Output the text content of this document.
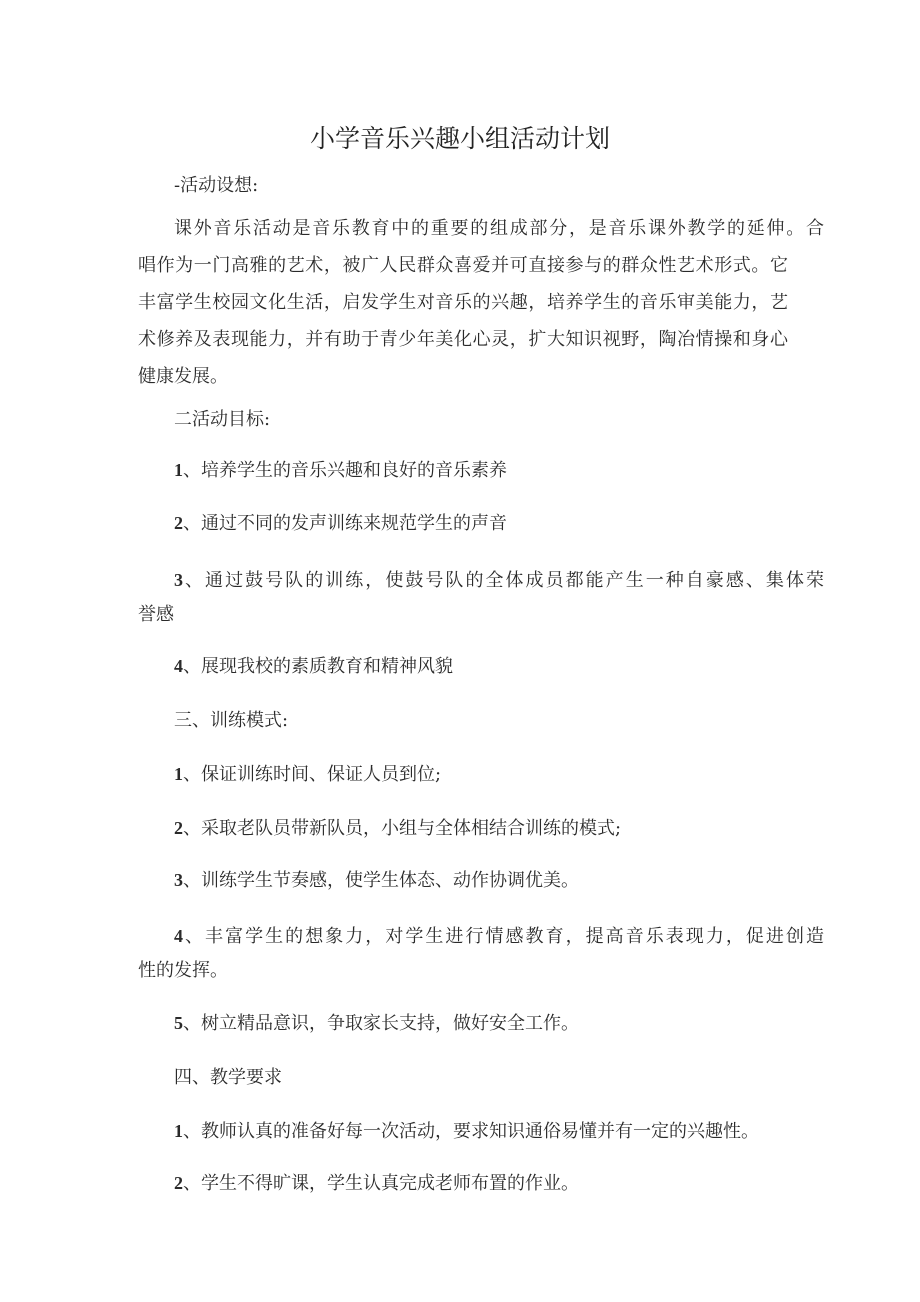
小学音乐兴趣小组活动计划
-活动设想:
课外音乐活动是音乐教育中的重要的组成部分，是音乐课外教学的延伸。合
唱作为一门高雅的艺术，被广人民群众喜爱并可直接参与的群众性艺术形式。它
丰富学生校园文化生活，启发学生对音乐的兴趣，培养学生的音乐审美能力，艺
术修养及表现能力，并有助于青少年美化心灵，扩大知识视野，陶冶情操和身心
健康发展。
二活动目标:
1、培养学生的音乐兴趣和良好的音乐素养
2、通过不同的发声训练来规范学生的声音
3、通过鼓号队的训练，使鼓号队的全体成员都能产生一种自豪感、集体荣
誉感
4、展现我校的素质教育和精神风貌
三、训练模式:
1、保证训练时间、保证人员到位;
2、采取老队员带新队员，小组与全体相结合训练的模式;
3、训练学生节奏感，使学生体态、动作协调优美。
4、丰富学生的想象力，对学生进行情感教育，提高音乐表现力，促进创造
性的发挥。
5、树立精品意识，争取家长支持，做好安全工作。
四、教学要求
1、教师认真的准备好每一次活动，要求知识通俗易懂并有一定的兴趣性。
2、学生不得旷课，学生认真完成老师布置的作业。
